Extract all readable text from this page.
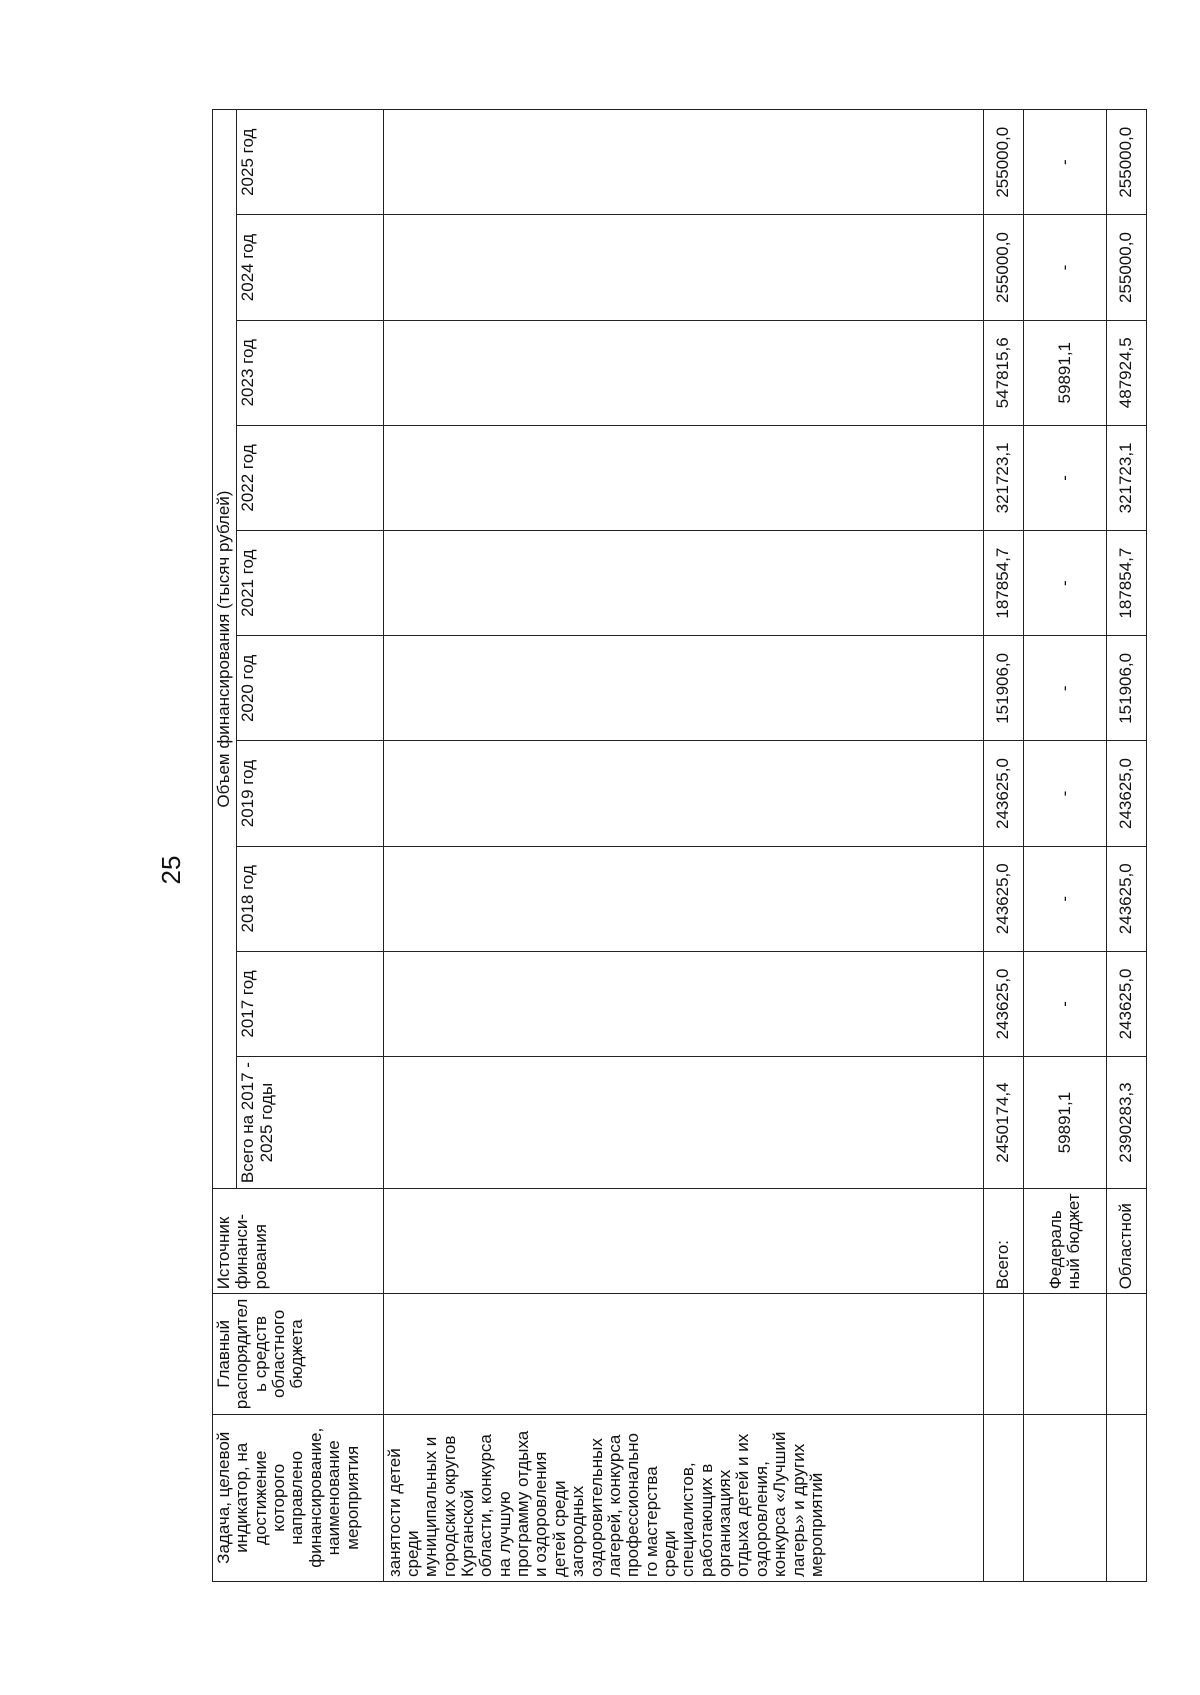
25
Задача, целевой индикатор, на достижение которого направлено финансирование, наименование мероприятия	Главный распорядитель средств областного бюджета	Источник финанси-рования	Объем финансирования (тысяч рублей)									
			Всего на 2017 - 2025 годы	2017 год	2018 год	2019 год	2020 год	2021 год	2022 год	2023 год	2024 год	2025 год
занятости детей среди муниципальных и городских округов Курганской области, конкурса на лучшую программу отдыха и оздоровления детей среди загородных оздоровительных лагерей, конкурса профессионально го мастерства среди специалистов, работающих в организациях отдыха детей и их оздоровления, конкурса «Лучший лагерь» и других мероприятий												
		Всего:	2450174,4	243625,0	243625,0	243625,0	151906,0	187854,7	321723,1	547815,6	255000,0	255000,0
		Федераль ный бюджет	59891,1	-	-	-	-	-	-	59891,1	-	-
		Областной	2390283,3	243625,0	243625,0	243625,0	151906,0	187854,7	321723,1	487924,5	255000,0	255000,0
